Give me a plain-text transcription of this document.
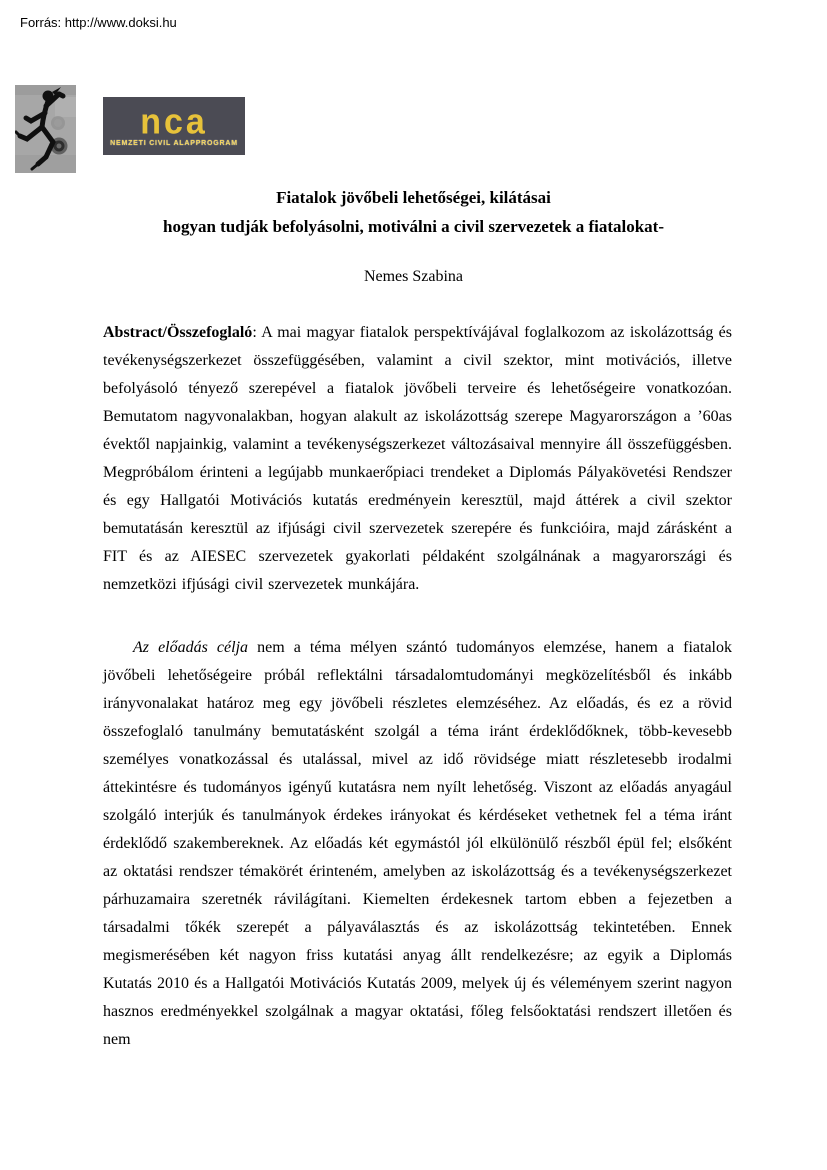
Forrás: http://www.doksi.hu
nca
NEMZETI CIVIL ALAPPROGRAM
Fiatalok jövőbeli lehetőségei, kilátásai
hogyan tudják befolyásolni, motiválni a civil szervezetek a fiatalokat-
Nemes Szabina

Abstract/Összefoglaló: A mai magyar fiatalok perspektívájával foglalkozom az iskolázottság és tevékenységszerkezet összefüggésében, valamint a civil szektor, mint motivációs, illetve befolyásoló tényező szerepével a fiatalok jövőbeli terveire és lehetőségeire vonatkozóan. Bemutatom nagyvonalakban, hogyan alakult az iskolázottság szerepe Magyarországon a ’60as évektől napjainkig, valamint a tevékenységszerkezet változásaival mennyire áll összefüggésben. Megpróbálom érinteni a legújabb munkaerőpiaci trendeket a Diplomás Pályakövetési Rendszer és egy Hallgatói Motivációs kutatás eredményein keresztül, majd áttérek a civil szektor bemutatásán keresztül az ifjúsági civil szervezetek szerepére és funkcióira, majd zárásként a FIT és az AIESEC szervezetek gyakorlati példaként szolgálnának a magyarországi és nemzetközi ifjúsági civil szervezetek munkájára.

Az előadás célja nem a téma mélyen szántó tudományos elemzése, hanem a fiatalok jövőbeli lehetőségeire próbál reflektálni társadalomtudományi megközelítésből és inkább irányvonalakat határoz meg egy jövőbeli részletes elemzéséhez. Az előadás, és ez a rövid összefoglaló tanulmány bemutatásként szolgál a téma iránt érdeklődőknek, több-kevesebb személyes vonatkozással és utalással, mivel az idő rövidsége miatt részletesebb irodalmi áttekintésre és tudományos igényű kutatásra nem nyílt lehetőség. Viszont az előadás anyagául szolgáló interjúk és tanulmányok érdekes irányokat és kérdéseket vethetnek fel a téma iránt érdeklődő szakembereknek. Az előadás két egymástól jól elkülönülő részből épül fel; elsőként az oktatási rendszer témakörét érinteném, amelyben az iskolázottság és a tevékenységszerkezet párhuzamaira szeretnék rávilágítani. Kiemelten érdekesnek tartom ebben a fejezetben a társadalmi tőkék szerepét a pályaválasztás és az iskolázottság tekintetében. Ennek megismerésében két nagyon friss kutatási anyag állt rendelkezésre; az egyik a Diplomás Kutatás 2010 és a Hallgatói Motivációs Kutatás 2009, melyek új és véleményem szerint nagyon hasznos eredményekkel szolgálnak a magyar oktatási, főleg felsőoktatási rendszert illetően és nem
